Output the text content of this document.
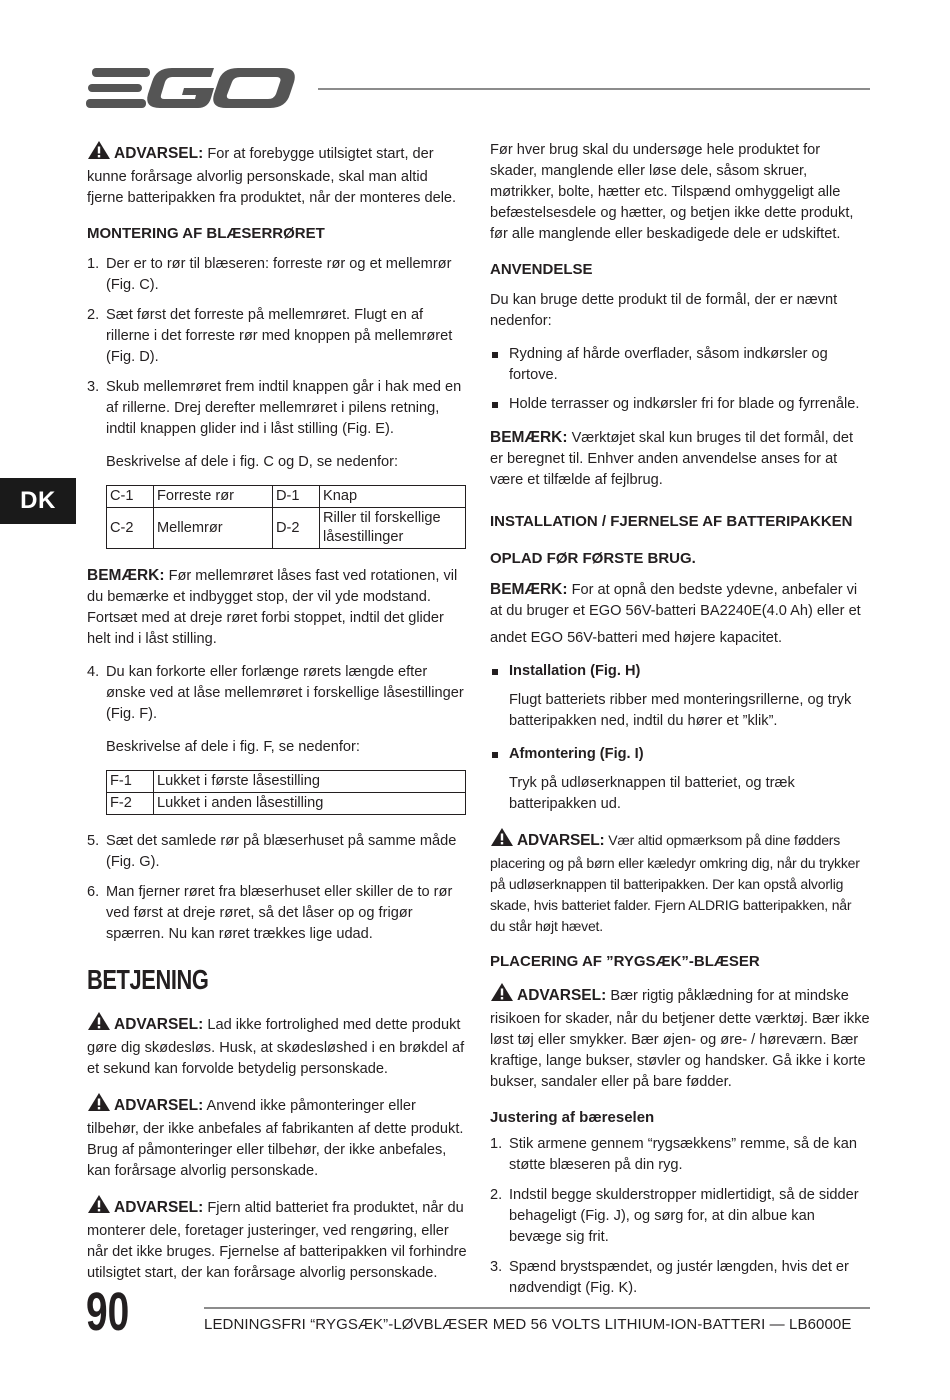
DK

ADVARSEL: For at forebygge utilsigtet start, der kunne forårsage alvorlig personskade, skal man altid fjerne batteripakken fra produktet, når der monteres dele.

MONTERING AF BLÆSERRØRET
1. Der er to rør til blæseren: forreste rør og et mellemrør (Fig. C).
2. Sæt først det forreste på mellemrøret. Flugt en af rillerne i det forreste rør med knoppen på mellemrøret (Fig. D).
3. Skub mellemrøret frem indtil knappen går i hak med en af rillerne. Drej derefter mellemrøret i pilens retning, indtil knappen glider ind i låst stilling (Fig. E).

Beskrivelse af dele i fig. C og D, se nedenfor:

C-1	Forreste rør	D-1	Knap
C-2	Mellemrør	D-2	Riller til forskellige låsestillinger

BEMÆRK: Før mellemrøret låses fast ved rotationen, vil du bemærke et indbygget stop, der vil yde modstand. Fortsæt med at dreje røret forbi stoppet, indtil det glider helt ind i låst stilling.

4. Du kan forkorte eller forlænge rørets længde efter ønske ved at låse mellemrøret i forskellige låsestillinger (Fig. F).

Beskrivelse af dele i fig. F, se nedenfor:

F-1	Lukket i første låsestilling
F-2	Lukket i anden låsestilling
5. Sæt det samlede rør på blæserhuset på samme måde (Fig. G).
6. Man fjerner røret fra blæserhuset eller skiller de to rør ved først at dreje røret, så det låser op og frigør spærren. Nu kan røret trækkes lige udad.
BETJENING

ADVARSEL: Lad ikke fortrolighed med dette produkt gøre dig skødesløs. Husk, at skødesløshed i en brøkdel af et sekund kan forvolde betydelig personskade.

ADVARSEL: Anvend ikke påmonteringer eller tilbehør, der ikke anbefales af fabrikanten af dette produkt. Brug af påmonteringer eller tilbehør, der ikke anbefales, kan forårsage alvorlig personskade.

ADVARSEL: Fjern altid batteriet fra produktet, når du monterer dele, foretager justeringer, ved rengøring, eller når det ikke bruges. Fjernelse af batteripakken vil forhindre utilsigtet start, der kan forårsage alvorlig personskade.

Før hver brug skal du undersøge hele produktet for skader, manglende eller løse dele, såsom skruer, møtrikker, bolte, hætter etc. Tilspænd omhyggeligt alle befæstelsesdele og hætter, og betjen ikke dette produkt, før alle manglende eller beskadigede dele er udskiftet.

ANVENDELSE

Du kan bruge dette produkt til de formål, der er nævnt nedenfor:

Rydning af hårde overflader, såsom indkørsler og fortove.
Holde terrasser og indkørsler fri for blade og fyrrenåle.

BEMÆRK: Værktøjet skal kun bruges til det formål, det er beregnet til. Enhver anden anvendelse anses for at være et tilfælde af fejlbrug.

INSTALLATION / FJERNELSE AF BATTERIPAKKEN
OPLAD FØR FØRSTE BRUG.

BEMÆRK: For at opnå den bedste ydevne, anbefaler vi at du bruger et EGO 56V-batteri BA2240E(4.0 Ah) eller et

andet EGO 56V-batteri med højere kapacitet.

Installation (Fig. H)

Flugt batteriets ribber med monteringsrillerne, og tryk batteripakken ned, indtil du hører et ”klik”.

Afmontering (Fig. I)

Tryk på udløserknappen til batteriet, og træk batteripakken ud.

ADVARSEL: Vær altid opmærksom på dine fødders placering og på børn eller kæledyr omkring dig, når du trykker på udløserknappen til batteripakken. Der kan opstå alvorlig skade, hvis batteriet falder. Fjern ALDRIG batteripakken, når du står højt hævet.

PLACERING AF ”RYGSÆK”-BLÆSER

ADVARSEL: Bær rigtig påklædning for at mindske risikoen for skader, når du betjener dette værktøj. Bær ikke løst tøj eller smykker. Bær øjen- og øre- / høreværn. Bær kraftige, lange bukser, støvler og handsker. Gå ikke i korte bukser, sandaler eller på bare fødder.

Justering af bæreselen
1. Stik armene gennem “rygsækkens” remme, så de kan støtte blæseren på din ryg.
2. Indstil begge skulderstropper midlertidigt, så de sidder behageligt (Fig. J), og sørg for, at din albue kan bevæge sig frit.
3. Spænd brystspændet, og justér længden, hvis det er nødvendigt (Fig. K).
90	LEDNINGSFRI “RYGSÆK”-LØVBLÆSER MED 56 VOLTS LITHIUM-ION-BATTERI — LB6000E
